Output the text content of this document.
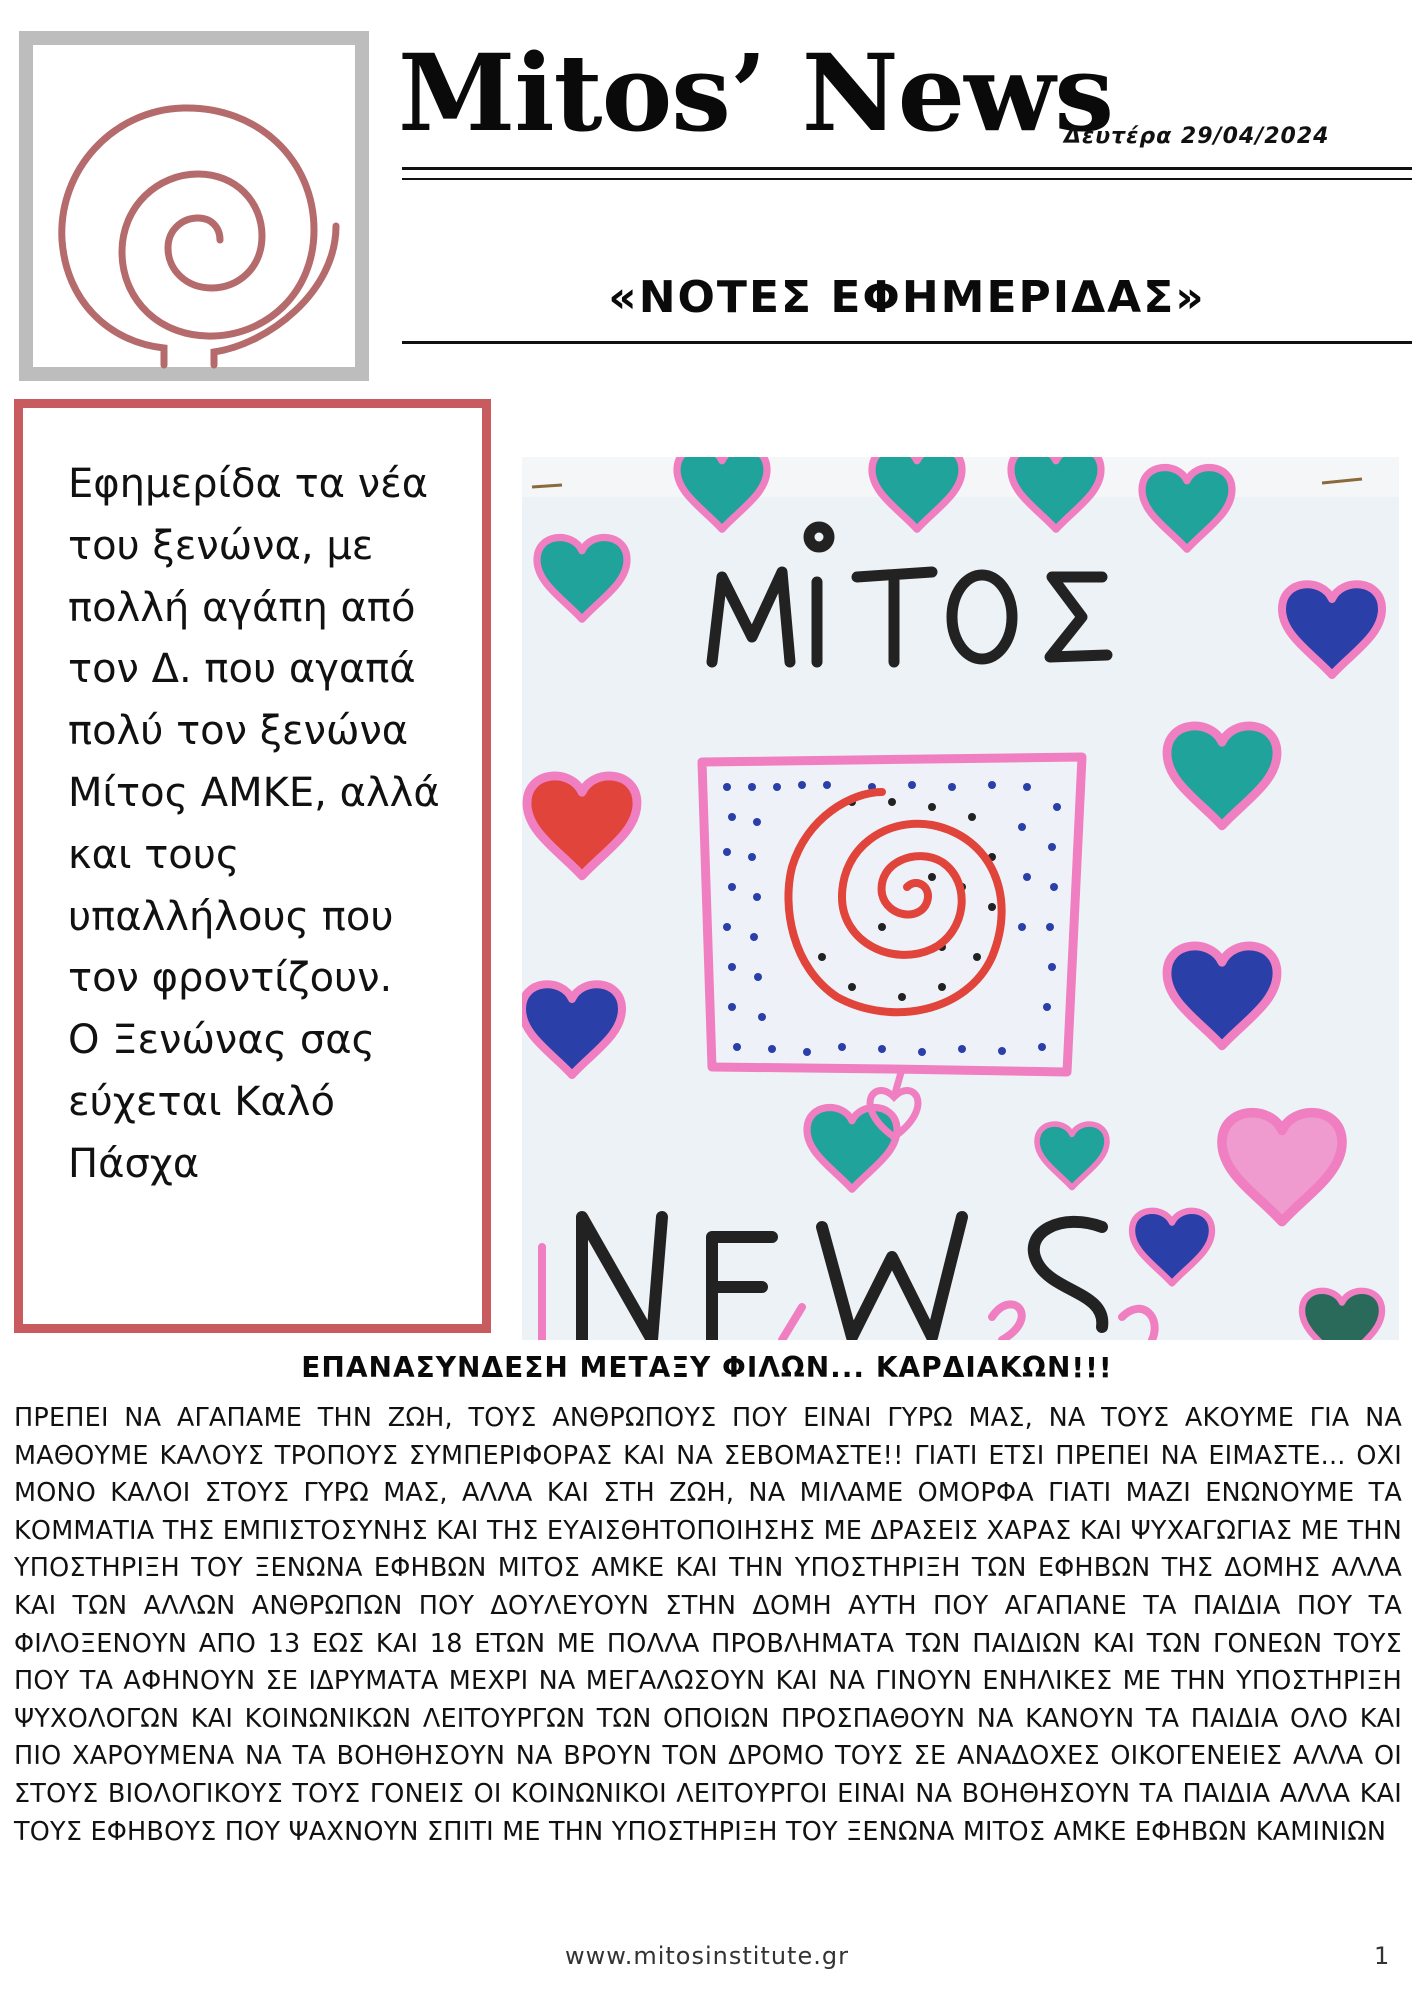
Mitos’ News
Δευτέρα 29/04/2024
«ΝΟΤΕΣ ΕΦΗΜΕΡΙΔΑΣ»
Εφημερίδα τα νέα
του ξενώνα, με
πολλή αγάπη από
τον Δ. που αγαπά
πολύ τον ξενώνα
Μίτος ΑΜΚΕ, αλλά
και τους
υπαλλήλους που
τον φροντίζουν.
Ο Ξενώνας σας
εύχεται Καλό
Πάσχα
ΕΠΑΝΑΣΥΝΔΕΣΗ ΜΕΤΑΞΥ ΦΙΛΩΝ... ΚΑΡΔΙΑΚΩΝ!!!
ΠΡΕΠΕΙ ΝΑ ΑΓΑΠΑΜΕ ΤΗΝ ΖΩΗ, ΤΟΥΣ ΑΝΘΡΩΠΟΥΣ ΠΟΥ ΕΙΝΑΙ ΓΥΡΩ ΜΑΣ, ΝΑ ΤΟΥΣ ΑΚΟΥΜΕ ΓΙΑ ΝΑ ΜΑΘΟΥΜΕ ΚΑΛΟΥΣ ΤΡΟΠΟΥΣ ΣΥΜΠΕΡΙΦΟΡΑΣ ΚΑΙ ΝΑ ΣΕΒΟΜΑΣΤΕ!! ΓΙΑΤΙ ΕΤΣΙ ΠΡΕΠΕΙ ΝΑ ΕΙΜΑΣΤΕ... ΟΧΙ ΜΟΝΟ ΚΑΛΟΙ ΣΤΟΥΣ ΓΥΡΩ ΜΑΣ, ΑΛΛΑ ΚΑΙ ΣΤΗ ΖΩΗ, ΝΑ ΜΙΛΑΜΕ ΟΜΟΡΦΑ ΓΙΑΤΙ ΜΑΖΙ ΕΝΩΝΟΥΜΕ ΤΑ ΚΟΜΜΑΤΙΑ ΤΗΣ ΕΜΠΙΣΤΟΣΥΝΗΣ ΚΑΙ ΤΗΣ ΕΥΑΙΣΘΗΤΟΠΟΙΗΣΗΣ ΜΕ ΔΡΑΣΕΙΣ ΧΑΡΑΣ ΚΑΙ ΨΥΧΑΓΩΓΙΑΣ ΜΕ ΤΗΝ ΥΠΟΣΤΗΡΙΞΗ ΤΟΥ ΞΕΝΩΝΑ ΕΦΗΒΩΝ ΜΙΤΟΣ ΑΜΚΕ ΚΑΙ ΤΗΝ ΥΠΟΣΤΗΡΙΞΗ ΤΩΝ ΕΦΗΒΩΝ ΤΗΣ ΔΟΜΗΣ ΑΛΛΑ ΚΑΙ ΤΩΝ ΑΛΛΩΝ ΑΝΘΡΩΠΩΝ ΠΟΥ ΔΟΥΛΕΥΟΥΝ ΣΤΗΝ ΔΟΜΗ ΑΥΤΗ ΠΟΥ ΑΓΑΠΑΝΕ ΤΑ ΠΑΙΔΙΑ ΠΟΥ ΤΑ ΦΙΛΟΞΕΝΟΥΝ ΑΠΟ 13 ΕΩΣ ΚΑΙ 18 ΕΤΩΝ ΜΕ ΠΟΛΛΑ ΠΡΟΒΛΗΜΑΤΑ ΤΩΝ ΠΑΙΔΙΩΝ ΚΑΙ ΤΩΝ ΓΟΝΕΩΝ ΤΟΥΣ ΠΟΥ ΤΑ ΑΦΗΝΟΥΝ ΣΕ ΙΔΡΥΜΑΤΑ ΜΕΧΡΙ ΝΑ ΜΕΓΑΛΩΣΟΥΝ ΚΑΙ ΝΑ ΓΙΝΟΥΝ ΕΝΗΛΙΚΕΣ ΜΕ ΤΗΝ ΥΠΟΣΤΗΡΙΞΗ ΨΥΧΟΛΟΓΩΝ ΚΑΙ ΚΟΙΝΩΝΙΚΩΝ ΛΕΙΤΟΥΡΓΩΝ ΤΩΝ ΟΠΟΙΩΝ ΠΡΟΣΠΑΘΟΥΝ ΝΑ ΚΑΝΟΥΝ ΤΑ ΠΑΙΔΙΑ ΟΛΟ ΚΑΙ ΠΙΟ ΧΑΡΟΥΜΕΝΑ ΝΑ ΤΑ ΒΟΗΘΗΣΟΥΝ ΝΑ ΒΡΟΥΝ ΤΟΝ ΔΡΟΜΟ ΤΟΥΣ ΣΕ ΑΝΑΔΟΧΕΣ ΟΙΚΟΓΕΝΕΙΕΣ ΑΛΛΑ ΟΙ ΣΤΟΥΣ ΒΙΟΛΟΓΙΚΟΥΣ ΤΟΥΣ ΓΟΝΕΙΣ ΟΙ ΚΟΙΝΩΝΙΚΟΙ ΛΕΙΤΟΥΡΓΟΙ ΕΙΝΑΙ ΝΑ ΒΟΗΘΗΣΟΥΝ ΤΑ ΠΑΙΔΙΑ ΑΛΛΑ ΚΑΙ ΤΟΥΣ ΕΦΗΒΟΥΣ ΠΟΥ ΨΑΧΝΟΥΝ ΣΠΙΤΙ ΜΕ ΤΗΝ ΥΠΟΣΤΗΡΙΞΗ ΤΟΥ ΞΕΝΩΝΑ ΜΙΤΟΣ ΑΜΚΕ ΕΦΗΒΩΝ ΚΑΜΙΝΙΩΝ
www.mitosinstitute.gr	1
